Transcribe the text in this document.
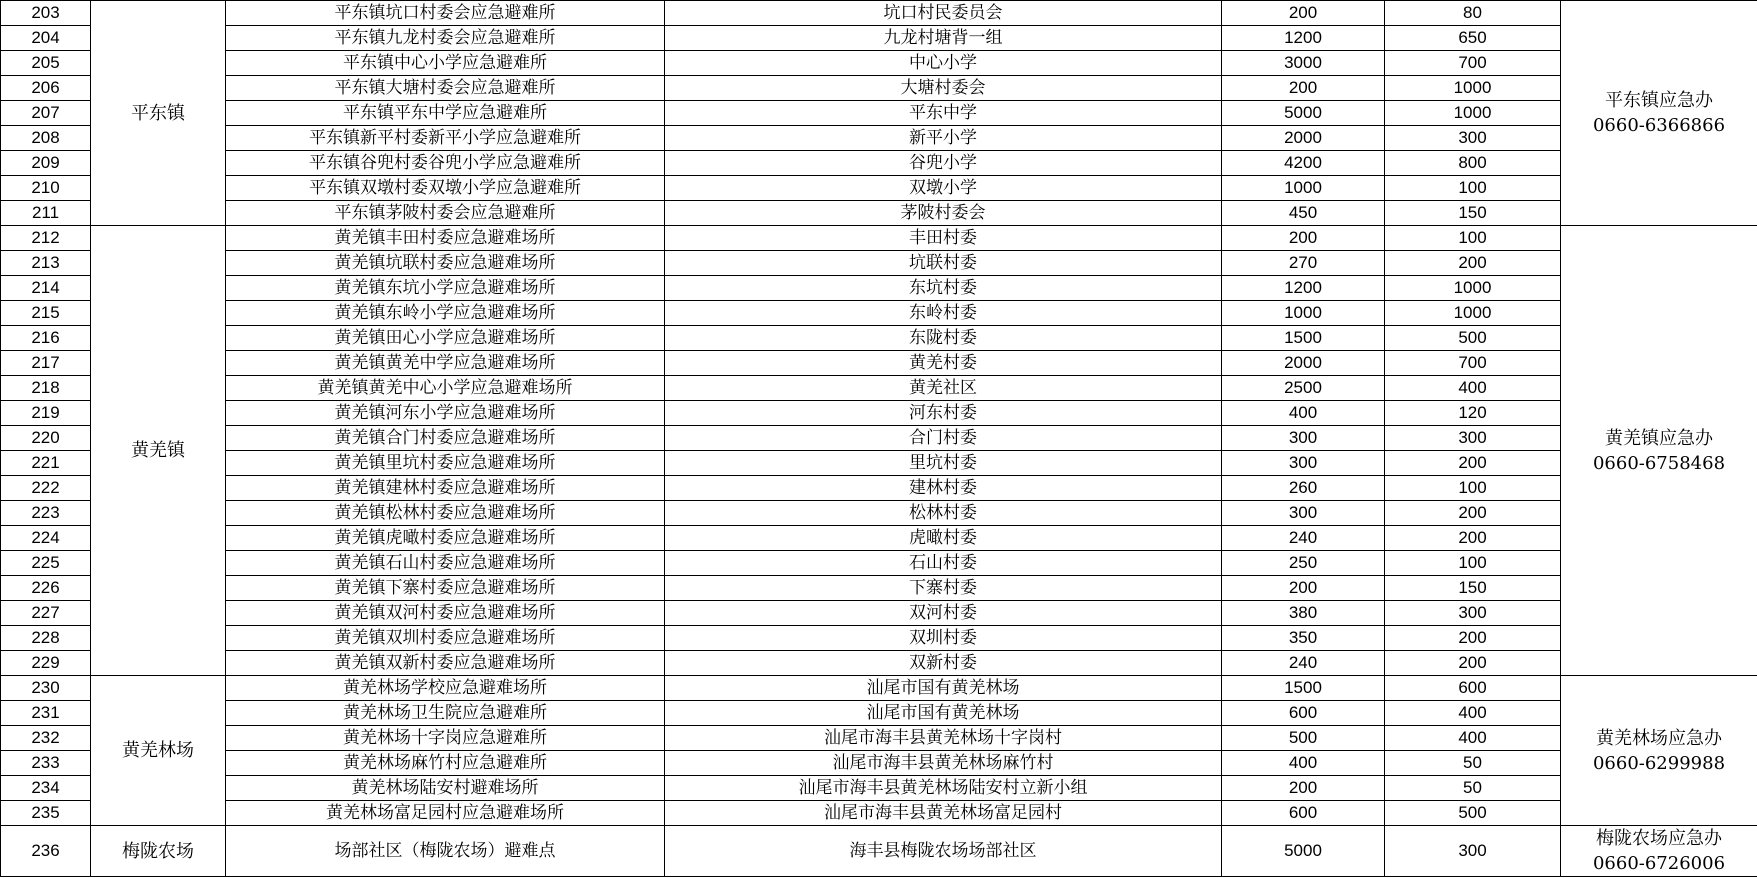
203	平东镇	平东镇坑口村委会应急避难所	坑口村民委员会	200	80	平东镇应急办
0660-6366866

204		平东镇九龙村委会应急避难所	九龙村塘背一组	1200	650	
205		平东镇中心小学应急避难所	中心小学	3000	700	
206		平东镇大塘村委会应急避难所	大塘村委会	200	1000	
207		平东镇平东中学应急避难所	平东中学	5000	1000	
208		平东镇新平村委新平小学应急避难所	新平小学	2000	300	
209		平东镇谷兜村委谷兜小学应急避难所	谷兜小学	4200	800	
210		平东镇双墩村委双墩小学应急避难所	双墩小学	1000	100	
211		平东镇茅陂村委会应急避难所	茅陂村委会	450	150	
212	黄羌镇	黄羌镇丰田村委应急避难场所	丰田村委	200	100	黄羌镇应急办
0660-6758468

213		黄羌镇坑联村委应急避难场所	坑联村委	270	200	
214		黄羌镇东坑小学应急避难场所	东坑村委	1200	1000	
215		黄羌镇东岭小学应急避难场所	东岭村委	1000	1000	
216		黄羌镇田心小学应急避难场所	东陇村委	1500	500	
217		黄羌镇黄羌中学应急避难场所	黄羌村委	2000	700	
218		黄羌镇黄羌中心小学应急避难场所	黄羌社区	2500	400	
219		黄羌镇河东小学应急避难场所	河东村委	400	120	
220		黄羌镇合门村委应急避难场所	合门村委	300	300	
221		黄羌镇里坑村委应急避难场所	里坑村委	300	200	
222		黄羌镇建林村委应急避难场所	建林村委	260	100	
223		黄羌镇松林村委应急避难场所	松林村委	300	200	
224		黄羌镇虎噉村委应急避难场所	虎噉村委	240	200	
225		黄羌镇石山村委应急避难场所	石山村委	250	100	
226		黄羌镇下寨村委应急避难场所	下寨村委	200	150	
227		黄羌镇双河村委应急避难场所	双河村委	380	300	
228		黄羌镇双圳村委应急避难场所	双圳村委	350	200	
229		黄羌镇双新村委应急避难场所	双新村委	240	200	
230	黄羌林场	黄羌林场学校应急避难场所	汕尾市国有黄羌林场	1500	600	黄羌林场应急办
0660-6299988

231		黄羌林场卫生院应急避难所	汕尾市国有黄羌林场	600	400	
232		黄羌林场十字岗应急避难所	汕尾市海丰县黄羌林场十字岗村	500	400	
233		黄羌林场麻竹村应急避难所	汕尾市海丰县黄羌林场麻竹村	400	50	
234		黄羌林场陆安村避难场所	汕尾市海丰县黄羌林场陆安村立新小组	200	50	
235		黄羌林场富足园村应急避难场所	汕尾市海丰县黄羌林场富足园村	600	500	
236	梅陇农场	场部社区（梅陇农场）避难点	海丰县梅陇农场场部社区	5000	300	梅陇农场应急办
0660-6726006
